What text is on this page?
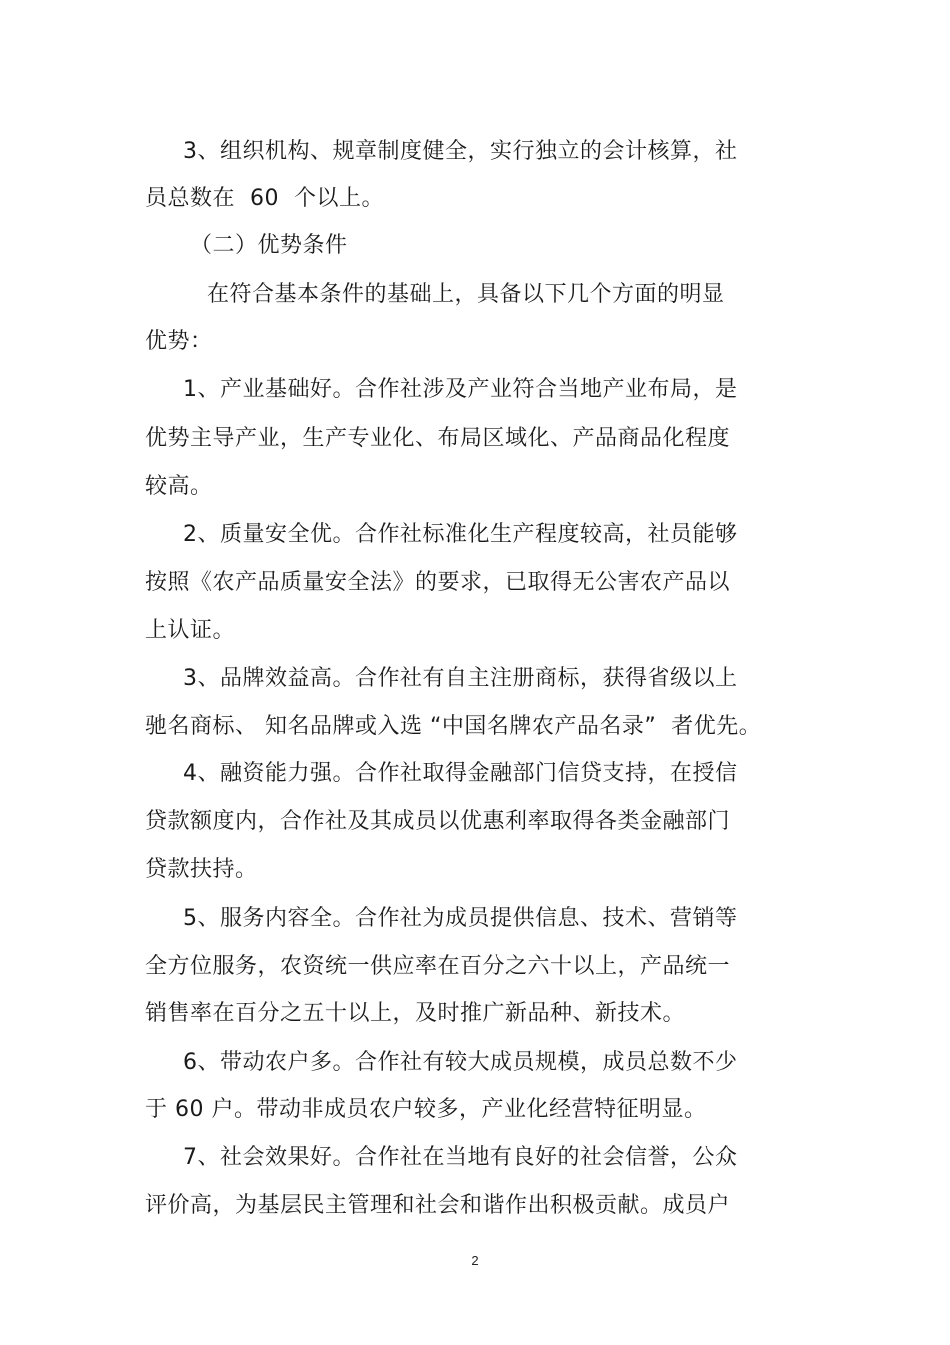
3、组织机构、规章制度健全，实行独立的会计核算，社
员总数在  60  个以上。
（二）优势条件
在符合基本条件的基础上，具备以下几个方面的明显
优势：
1、产业基础好。合作社涉及产业符合当地产业布局，是
优势主导产业，生产专业化、布局区域化、产品商品化程度
较高。
2、质量安全优。合作社标准化生产程度较高，社员能够
按照《农产品质量安全法》的要求，已取得无公害农产品以
上认证。
3、品牌效益高。合作社有自主注册商标，获得省级以上
驰名商标、 知名品牌或入选 “中国名牌农产品名录”  者优先。
4、融资能力强。合作社取得金融部门信贷支持，在授信
贷款额度内，合作社及其成员以优惠利率取得各类金融部门
贷款扶持。
5、服务内容全。合作社为成员提供信息、技术、营销等
全方位服务，农资统一供应率在百分之六十以上，产品统一
销售率在百分之五十以上，及时推广新品种、新技术。
6、带动农户多。合作社有较大成员规模，成员总数不少
于 60 户。带动非成员农户较多，产业化经营特征明显。
7、社会效果好。合作社在当地有良好的社会信誉，公众
评价高，为基层民主管理和社会和谐作出积极贡献。成员户
2
